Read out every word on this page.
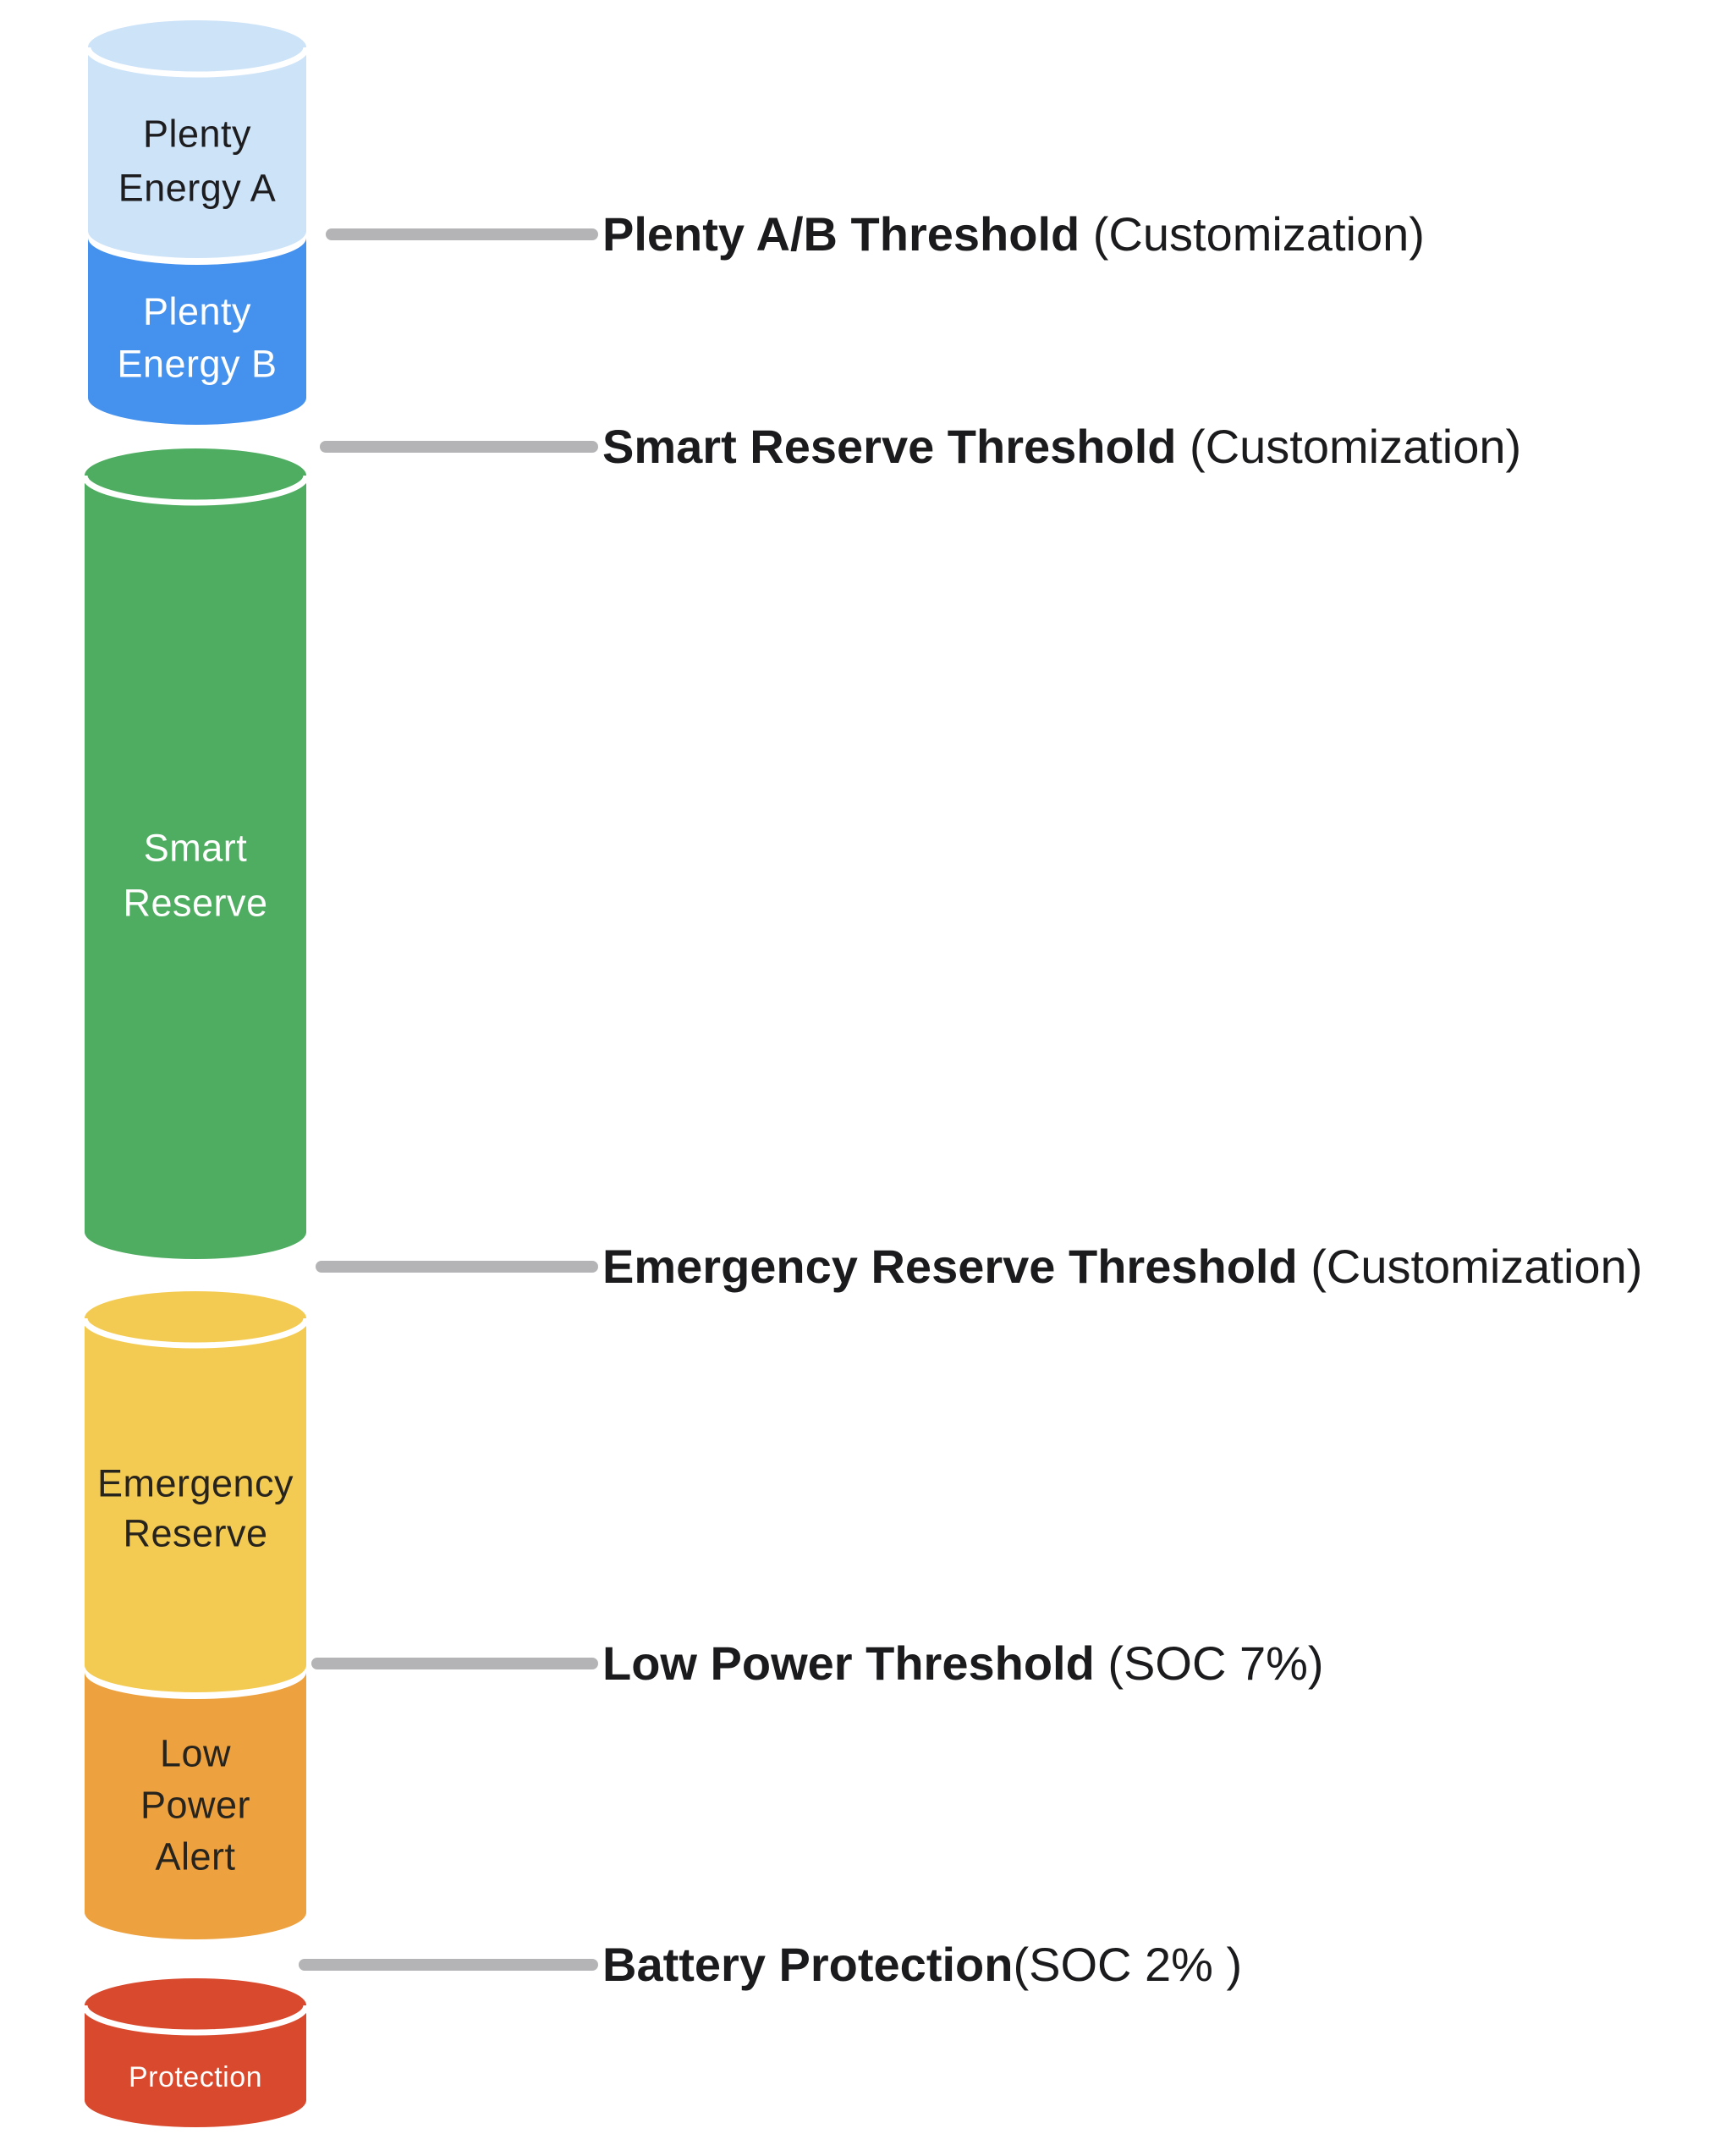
Plenty
Energy A
Plenty
Energy B
Smart
Reserve
Emergency
Reserve
Low
Power
Alert
Protection
Plenty A/B Threshold (Customization)
Smart Reserve Threshold (Customization)
Emergency Reserve Threshold (Customization)
Low Power Threshold (SOC 7%)
Battery Protection(SOC 2% )
